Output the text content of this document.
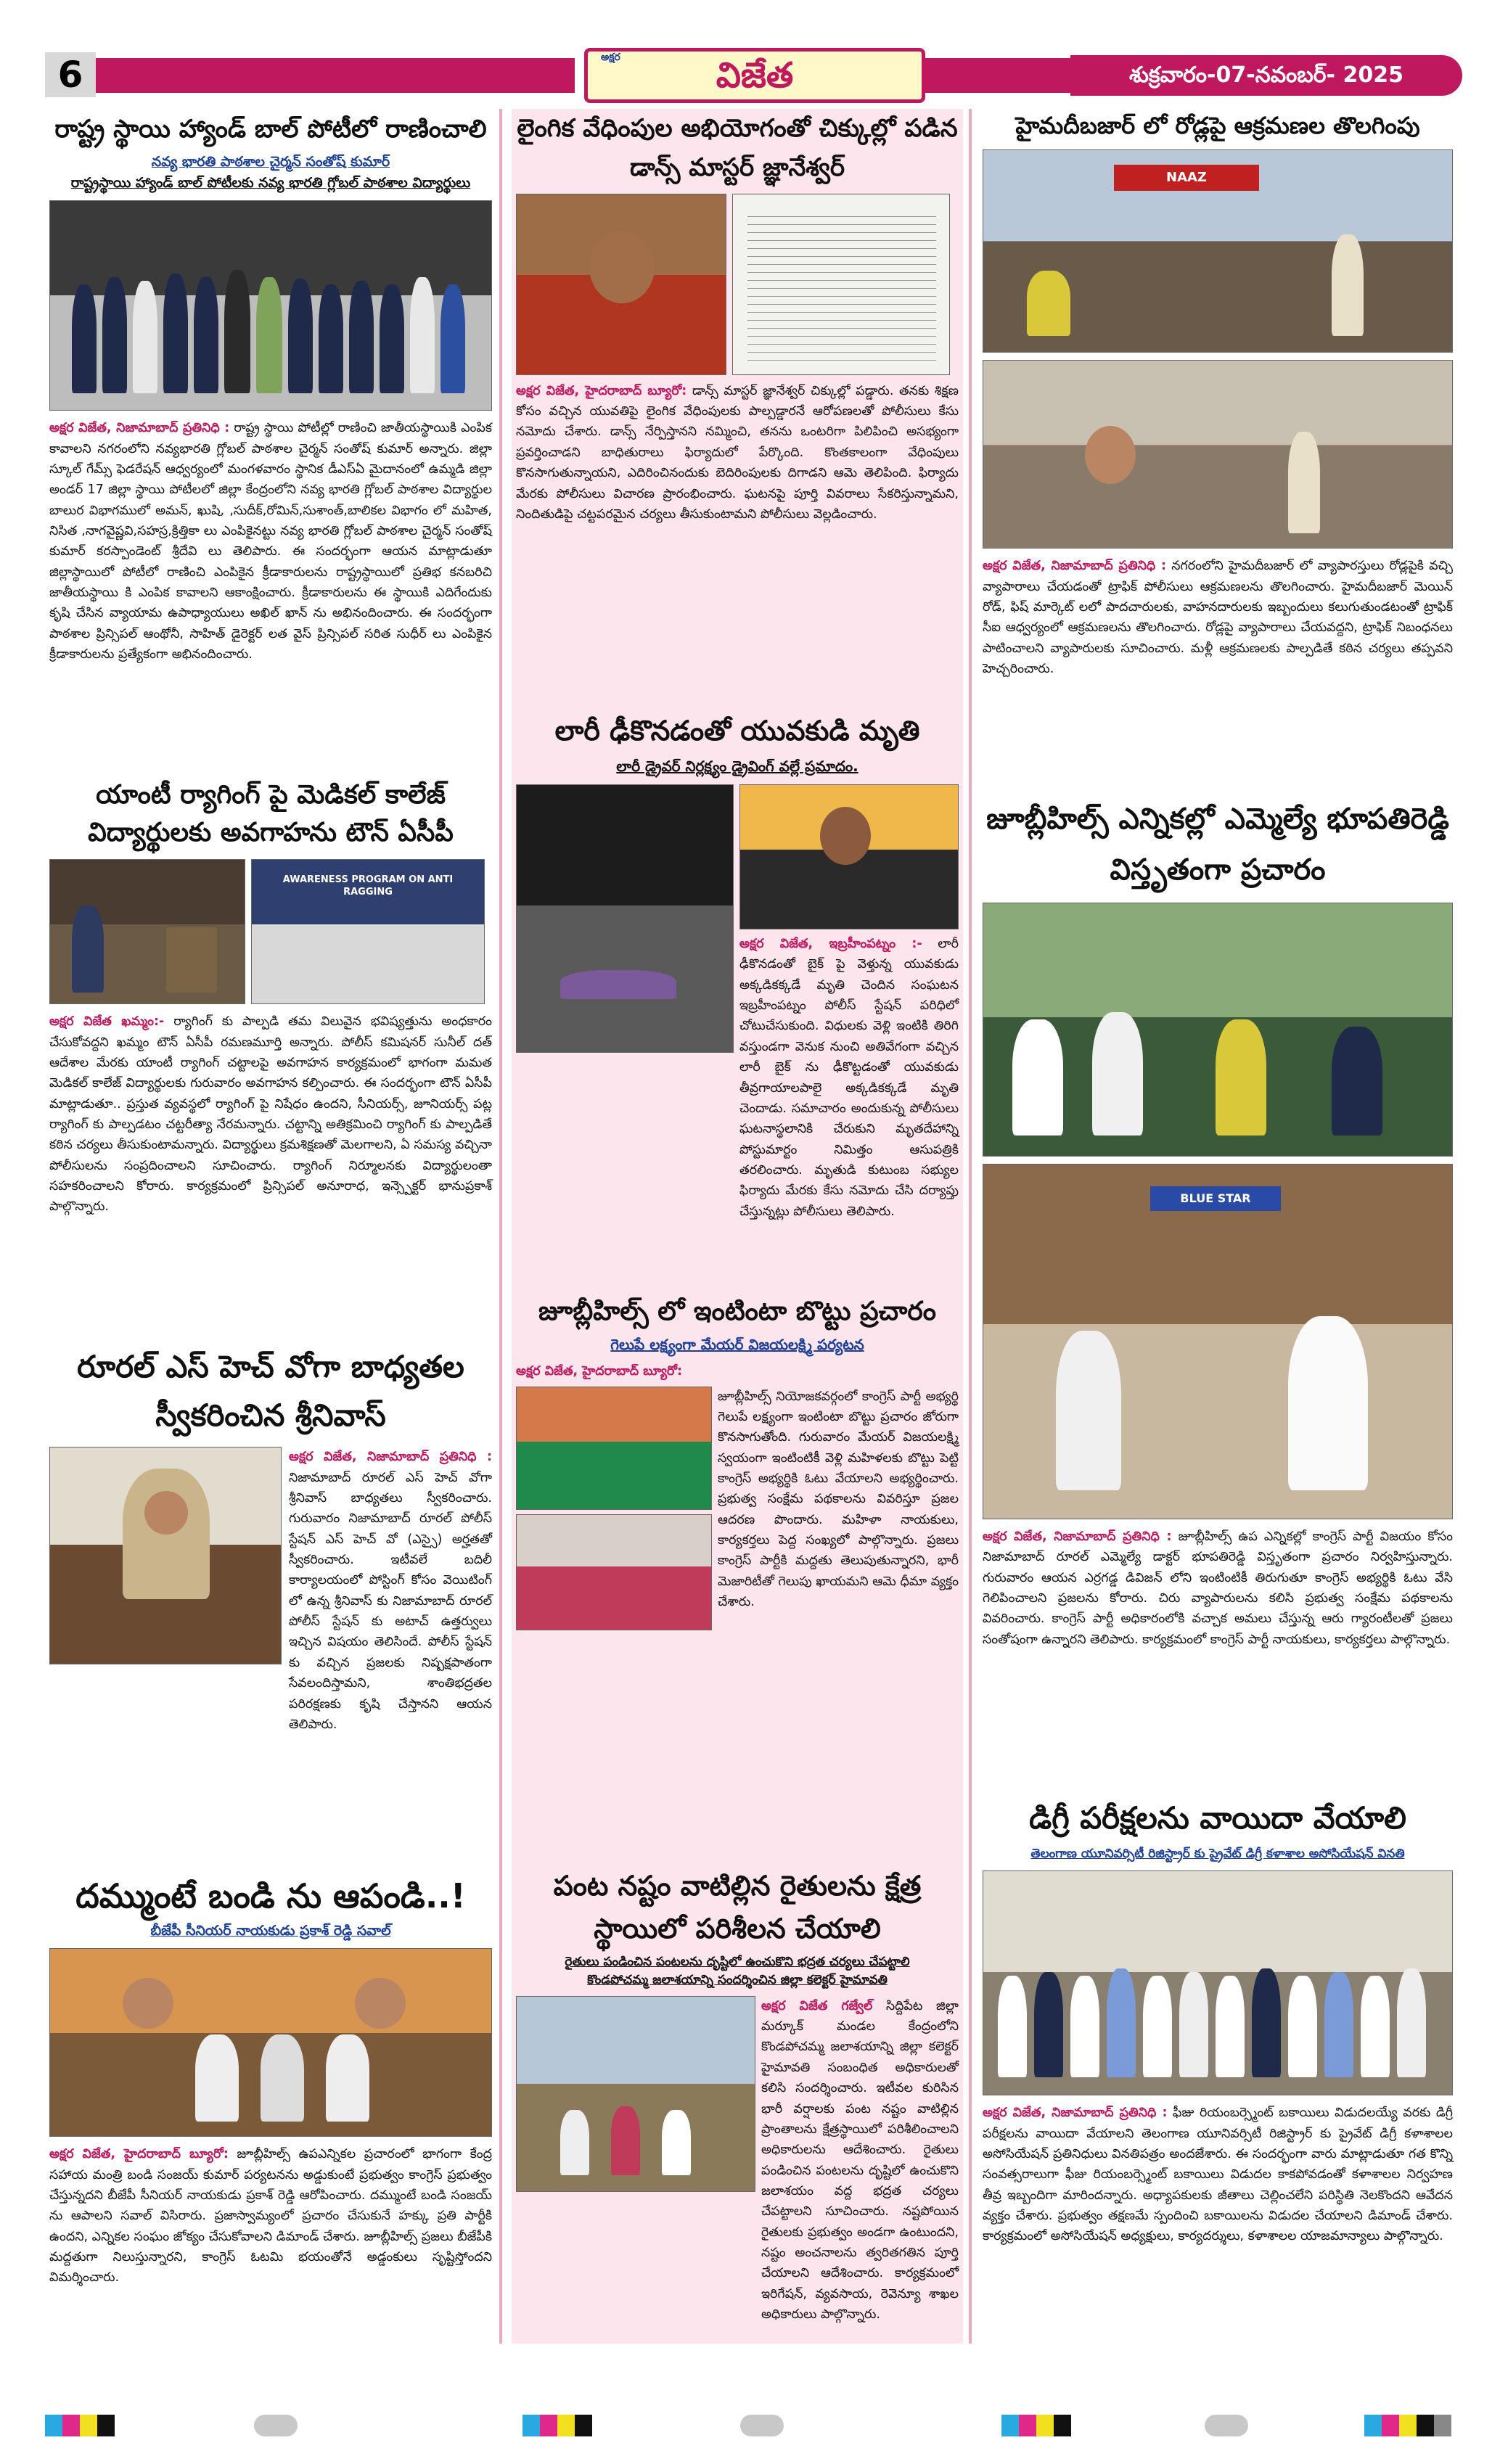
6	అక్షర	విజేత	శుక్రవారం-07-నవంబర్- 2025
రాష్ట్ర స్థాయి హ్యాండ్ బాల్ పోటీలో రాణించాలి
నవ్య భారతి పాఠశాల చైర్మన్ సంతోష్ కుమార్
రాష్ట్రస్థాయి హ్యాండ్ బాల్ పోటీలకు నవ్య భారతి గ్లోబల్ పాఠశాల విద్యార్థులు
అక్షర విజేత, నిజామాబాద్ ప్రతినిధి : రాష్ట్ర స్థాయి పోటీల్లో రాణించి జాతీయస్థాయికి ఎంపిక కావాలని నగరంలోని నవ్యభారతి గ్లోబల్ పాఠశాల చైర్మన్ సంతోష్ కుమార్ అన్నారు. జిల్లా స్కూల్ గేమ్స్ ఫెడరేషన్ ఆధ్వర్యంలో మంగళవారం స్థానిక డీఎస్ఏ మైదానంలో ఉమ్మడి జిల్లా అండర్ 17 జిల్లా స్థాయి పోటీలలో జిల్లా కేంద్రంలోని నవ్య భారతి గ్లోబల్ పాఠశాల విద్యార్థుల బాలుర విభాగములో అమన్, ఖుషి, ,సుదీక్,రోమిన్,సుశాంత్,బాలికల విభాగం లో మహిత, నిసిత ,నాగవైష్ణవి,సహస్ర,క్రిత్తికా లు ఎంపికైనట్టు నవ్య భారతి గ్లోబల్ పాఠశాల చైర్మన్ సంతోష్ కుమార్ కరస్పాండెంట్ శ్రీదేవి లు తెలిపారు. ఈ సందర్భంగా ఆయన మాట్లాడుతూ జిల్లాస్థాయిలో పోటీలో రాణించి ఎంపికైన క్రీడాకారులను రాష్ట్రస్థాయిలో ప్రతిభ కనబరిచి జాతీయస్థాయి కి ఎంపిక కావాలని ఆకాంక్షించారు. క్రీడాకారులను ఈ స్థాయికి ఎదిగేందుకు కృషి చేసిన వ్యాయామ ఉపాధ్యాయులు అఖిల్ ఖాన్ ను అభినందించారు. ఈ సందర్భంగా పాఠశాల ప్రిన్సిపల్ ఆంథోనీ, సాహిత్ డైరెక్టర్ లత వైస్ ప్రిన్సిపల్ సరిత సుధీర్ లు ఎంపికైన క్రీడాకారులను ప్రత్యేకంగా అభినందించారు.
యాంటీ ర్యాగింగ్ పై మెడికల్ కాలేజ్ విద్యార్థులకు అవగాహను టౌన్ ఏసీపీ
AWARENESS PROGRAM ON ANTI RAGGING
అక్షర విజేత ఖమ్మం:- ర్యాగింగ్ కు పాల్పడి తమ విలువైన భవిష్యత్తును అంధకారం చేసుకోవద్దని ఖమ్మం టౌన్ ఏసీపీ రమణమూర్తి అన్నారు. పోలీస్ కమిషనర్ సునీల్ దత్ ఆదేశాల మేరకు యాంటీ ర్యాగింగ్ చట్టాలపై అవగాహన కార్యక్రమంలో భాగంగా మమత మెడికల్ కాలేజ్ విద్యార్థులకు గురువారం అవగాహన కల్పించారు. ఈ సందర్భంగా టౌన్ ఏసీపీ మాట్లాడుతూ.. ప్రస్తుత వ్యవస్థలో ర్యాగింగ్ పై నిషేధం ఉందని, సీనియర్స్, జూనియర్స్ పట్ల ర్యాగింగ్ కు పాల్పడటం చట్టరీత్యా నేరమన్నారు. చట్టాన్ని అతిక్రమించి ర్యాగింగ్ కు పాల్పడితే కఠిన చర్యలు తీసుకుంటామన్నారు. విద్యార్థులు క్రమశిక్షణతో మెలగాలని, ఏ సమస్య వచ్చినా పోలీసులను సంప్రదించాలని సూచించారు. ర్యాగింగ్ నిర్మూలనకు విద్యార్థులంతా సహకరించాలని కోరారు. కార్యక్రమంలో ప్రిన్సిపల్ అనూరాధ, ఇన్స్పెక్టర్ భానుప్రకాశ్ పాల్గొన్నారు.
రూరల్ ఎస్ హెచ్ వోగా బాధ్యతల స్వీకరించిన శ్రీనివాస్
అక్షర విజేత, నిజామాబాద్ ప్రతినిధి : నిజామాబాద్ రూరల్ ఎస్ హెచ్ వోగా శ్రీనివాస్ బాధ్యతలు స్వీకరించారు. గురువారం నిజామాబాద్ రూరల్ పోలీస్ స్టేషన్ ఎస్ హెచ్ వో (ఎస్సై) అర్హతతో స్వీకరించారు. ఇటీవలే బదిలీ కార్యాలయంలో పోస్టింగ్ కోసం వెయిటింగ్ లో ఉన్న శ్రీనివాస్ కు నిజామాబాద్ రూరల్ పోలీస్ స్టేషన్ కు అటాచ్ ఉత్తర్వులు ఇచ్చిన విషయం తెలిసిందే. పోలీస్ స్టేషన్ కు వచ్చిన ప్రజలకు నిష్పక్షపాతంగా సేవలందిస్తామని, శాంతిభద్రతల పరిరక్షణకు కృషి చేస్తానని ఆయన తెలిపారు.
దమ్ముంటే బండి ను ఆపండి..!
బీజేపీ సీనియర్ నాయకుడు ప్రకాశ్ రెడ్డి సవాల్
అక్షర విజేత, హైదరాబాద్ బ్యూరో: జూబ్లీహిల్స్ ఉపఎన్నికల ప్రచారంలో భాగంగా కేంద్ర సహాయ మంత్రి బండి సంజయ్ కుమార్ పర్యటనను అడ్డుకుంటే ప్రభుత్వం కాంగ్రెస్ ప్రభుత్వం చేస్తున్నదని బీజేపీ సీనియర్ నాయకుడు ప్రకాశ్ రెడ్డి ఆరోపించారు. దమ్ముంటే బండి సంజయ్ ను ఆపాలని సవాల్ విసిరారు. ప్రజాస్వామ్యంలో ప్రచారం చేసుకునే హక్కు ప్రతి పార్టీకి ఉందని, ఎన్నికల సంఘం జోక్యం చేసుకోవాలని డిమాండ్ చేశారు. జూబ్లీహిల్స్ ప్రజలు బీజేపీకి మద్దతుగా నిలుస్తున్నారని, కాంగ్రెస్ ఓటమి భయంతోనే అడ్డంకులు సృష్టిస్తోందని విమర్శించారు.
లైంగిక వేధింపుల అభియోగంతో చిక్కుల్లో పడిన డాన్స్ మాస్టర్ జ్ఞానేశ్వర్
అక్షర విజేత, హైదరాబాద్ బ్యూరో: డాన్స్ మాస్టర్ జ్ఞానేశ్వర్ చిక్కుల్లో పడ్డారు. తనకు శిక్షణ కోసం వచ్చిన యువతిపై లైంగిక వేధింపులకు పాల్పడ్డారనే ఆరోపణలతో పోలీసులు కేసు నమోదు చేశారు. డాన్స్ నేర్పిస్తానని నమ్మించి, తనను ఒంటరిగా పిలిపించి అసభ్యంగా ప్రవర్తించాడని బాధితురాలు ఫిర్యాదులో పేర్కొంది. కొంతకాలంగా వేధింపులు కొనసాగుతున్నాయని, ఎదిరించినందుకు బెదిరింపులకు దిగాడని ఆమె తెలిపింది. ఫిర్యాదు మేరకు పోలీసులు విచారణ ప్రారంభించారు. ఘటనపై పూర్తి వివరాలు సేకరిస్తున్నామని, నిందితుడిపై చట్టపరమైన చర్యలు తీసుకుంటామని పోలీసులు వెల్లడించారు.
లారీ ఢీకొనడంతో యువకుడి మృతి
లారీ డ్రైవర్ నిర్లక్ష్యం డ్రైవింగ్ వల్లే ప్రమాదం.
అక్షర విజేత, ఇబ్రహీంపట్నం :- లారీ ఢీకొనడంతో బైక్ పై వెళ్తున్న యువకుడు అక్కడికక్కడే మృతి చెందిన సంఘటన ఇబ్రహీంపట్నం పోలీస్ స్టేషన్ పరిధిలో చోటుచేసుకుంది. విధులకు వెళ్లి ఇంటికి తిరిగి వస్తుండగా వెనుక నుంచి అతివేగంగా వచ్చిన లారీ బైక్ ను ఢీకొట్టడంతో యువకుడు తీవ్రగాయాలపాలై అక్కడికక్కడే మృతి చెందాడు. సమాచారం అందుకున్న పోలీసులు ఘటనాస్థలానికి చేరుకుని మృతదేహాన్ని పోస్టుమార్టం నిమిత్తం ఆసుపత్రికి తరలించారు. మృతుడి కుటుంబ సభ్యుల ఫిర్యాదు మేరకు కేసు నమోదు చేసి దర్యాప్తు చేస్తున్నట్లు పోలీసులు తెలిపారు.
జూబ్లీహిల్స్ లో ఇంటింటా బొట్టు ప్రచారం
గెలుపే లక్ష్యంగా మేయర్ విజయలక్ష్మి పర్యటన
అక్షర విజేత, హైదరాబాద్ బ్యూరో:
జూబ్లీహిల్స్ నియోజకవర్గంలో కాంగ్రెస్ పార్టీ అభ్యర్థి గెలుపే లక్ష్యంగా ఇంటింటా బొట్టు ప్రచారం జోరుగా కొనసాగుతోంది. గురువారం మేయర్ విజయలక్ష్మి స్వయంగా ఇంటింటికీ వెళ్లి మహిళలకు బొట్టు పెట్టి కాంగ్రెస్ అభ్యర్థికి ఓటు వేయాలని అభ్యర్థించారు. ప్రభుత్వ సంక్షేమ పథకాలను వివరిస్తూ ప్రజల ఆదరణ పొందారు. మహిళా నాయకులు, కార్యకర్తలు పెద్ద సంఖ్యలో పాల్గొన్నారు. ప్రజలు కాంగ్రెస్ పార్టీకి మద్దతు తెలుపుతున్నారని, భారీ మెజారిటీతో గెలుపు ఖాయమని ఆమె ధీమా వ్యక్తం చేశారు.
పంట నష్టం వాటిల్లిన రైతులను క్షేత్ర స్థాయిలో పరిశీలన చేయాలి
రైతులు పండించిన పంటలను దృష్టిలో ఉంచుకొని భద్రత చర్యలు చేపట్టాలి
కొండపోచమ్మ జలాశయాన్ని సందర్శించిన జిల్లా కలెక్టర్ హైమావతి
అక్షర విజేత గజ్వేల్ సిద్దిపేట జిల్లా మర్కూక్ మండల కేంద్రంలోని కొండపోచమ్మ జలాశయాన్ని జిల్లా కలెక్టర్ హైమావతి సంబంధిత అధికారులతో కలిసి సందర్శించారు. ఇటీవల కురిసిన భారీ వర్షాలకు పంట నష్టం వాటిల్లిన ప్రాంతాలను క్షేత్రస్థాయిలో పరిశీలించాలని అధికారులను ఆదేశించారు. రైతులు పండించిన పంటలను దృష్టిలో ఉంచుకొని జలాశయం వద్ద భద్రత చర్యలు చేపట్టాలని సూచించారు. నష్టపోయిన రైతులకు ప్రభుత్వం అండగా ఉంటుందని, నష్టం అంచనాలను త్వరితగతిన పూర్తి చేయాలని ఆదేశించారు. కార్యక్రమంలో ఇరిగేషన్, వ్యవసాయ, రెవెన్యూ శాఖల అధికారులు పాల్గొన్నారు.
హైమదీబజార్ లో రోడ్లపై ఆక్రమణల తొలగింపు
NAAZ
అక్షర విజేత, నిజామాబాద్ ప్రతినిధి : నగరంలోని హైమదీబజార్ లో వ్యాపారస్తులు రోడ్లపైకి వచ్చి వ్యాపారాలు చేయడంతో ట్రాఫిక్ పోలీసులు ఆక్రమణలను తొలగించారు. హైమదీబజార్ మెయిన్ రోడ్, ఫిష్ మార్కెట్ లలో పాదచారులకు, వాహనదారులకు ఇబ్బందులు కలుగుతుండటంతో ట్రాఫిక్ సీఐ ఆధ్వర్యంలో ఆక్రమణలను తొలగించారు. రోడ్లపై వ్యాపారాలు చేయవద్దని, ట్రాఫిక్ నిబంధనలు పాటించాలని వ్యాపారులకు సూచించారు. మళ్లీ ఆక్రమణలకు పాల్పడితే కఠిన చర్యలు తప్పవని హెచ్చరించారు.
జూబ్లీహిల్స్ ఎన్నికల్లో ఎమ్మెల్యే భూపతిరెడ్డి విస్తృతంగా ప్రచారం
BLUE STAR
అక్షర విజేత, నిజామాబాద్ ప్రతినిధి : జూబ్లీహిల్స్ ఉప ఎన్నికల్లో కాంగ్రెస్ పార్టీ విజయం కోసం నిజామాబాద్ రూరల్ ఎమ్మెల్యే డాక్టర్ భూపతిరెడ్డి విస్తృతంగా ప్రచారం నిర్వహిస్తున్నారు. గురువారం ఆయన ఎర్రగడ్డ డివిజన్ లోని ఇంటింటికీ తిరుగుతూ కాంగ్రెస్ అభ్యర్థికి ఓటు వేసి గెలిపించాలని ప్రజలను కోరారు. చిరు వ్యాపారులను కలిసి ప్రభుత్వ సంక్షేమ పథకాలను వివరించారు. కాంగ్రెస్ పార్టీ అధికారంలోకి వచ్చాక అమలు చేస్తున్న ఆరు గ్యారంటీలతో ప్రజలు సంతోషంగా ఉన్నారని తెలిపారు. కార్యక్రమంలో కాంగ్రెస్ పార్టీ నాయకులు, కార్యకర్తలు పాల్గొన్నారు.
డిగ్రీ పరీక్షలను వాయిదా వేయాలి
తెలంగాణ యూనివర్సిటీ రిజిస్ట్రార్ కు ప్రైవేట్ డిగ్రీ కళాశాల అసోసియేషన్ వినతి
అక్షర విజేత, నిజామాబాద్ ప్రతినిధి : ఫీజు రియంబర్స్మెంట్ బకాయిలు విడుదలయ్యే వరకు డిగ్రీ పరీక్షలను వాయిదా వేయాలని తెలంగాణ యూనివర్సిటీ రిజిస్ట్రార్ కు ప్రైవేట్ డిగ్రీ కళాశాలల అసోసియేషన్ ప్రతినిధులు వినతిపత్రం అందజేశారు. ఈ సందర్భంగా వారు మాట్లాడుతూ గత కొన్ని సంవత్సరాలుగా ఫీజు రియంబర్స్మెంట్ బకాయిలు విడుదల కాకపోవడంతో కళాశాలల నిర్వహణ తీవ్ర ఇబ్బందిగా మారిందన్నారు. అధ్యాపకులకు జీతాలు చెల్లించలేని పరిస్థితి నెలకొందని ఆవేదన వ్యక్తం చేశారు. ప్రభుత్వం తక్షణమే స్పందించి బకాయిలను విడుదల చేయాలని డిమాండ్ చేశారు. కార్యక్రమంలో అసోసియేషన్ అధ్యక్షులు, కార్యదర్శులు, కళాశాలల యాజమాన్యాలు పాల్గొన్నారు.
